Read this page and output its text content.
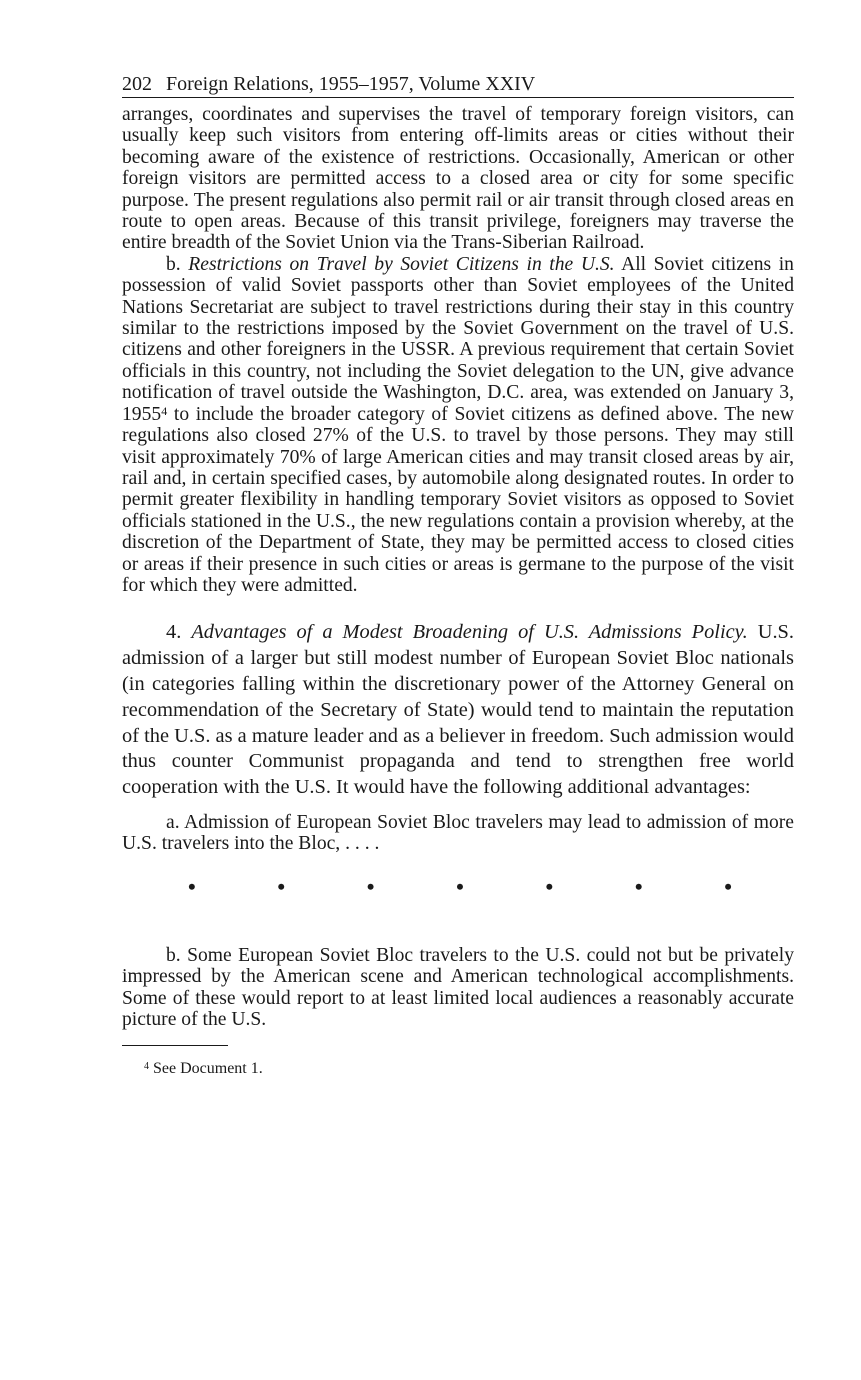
202 Foreign Relations, 1955–1957, Volume XXIV

arranges, coordinates and supervises the travel of temporary foreign visitors, can usually keep such visitors from entering off-limits areas or cities without their becoming aware of the existence of restrictions. Occasionally, American or other foreign visitors are permitted access to a closed area or city for some specific purpose. The present regulations also permit rail or air transit through closed areas en route to open areas. Because of this transit privilege, foreigners may traverse the entire breadth of the Soviet Union via the Trans-Siberian Railroad.

b. Restrictions on Travel by Soviet Citizens in the U.S. All Soviet citizens in possession of valid Soviet passports other than Soviet employees of the United Nations Secretariat are subject to travel restrictions during their stay in this country similar to the restrictions imposed by the Soviet Government on the travel of U.S. citizens and other foreigners in the USSR. A previous requirement that certain Soviet officials in this country, not including the Soviet delegation to the UN, give advance notification of travel outside the Washington, D.C. area, was extended on January 3, 1955$^4$ to include the broader category of Soviet citizens as defined above. The new regulations also closed 27% of the U.S. to travel by those persons. They may still visit approximately 70% of large American cities and may transit closed areas by air, rail and, in certain specified cases, by automobile along designated routes. In order to permit greater flexibility in handling temporary Soviet visitors as opposed to Soviet officials stationed in the U.S., the new regulations contain a provision whereby, at the discretion of the Department of State, they may be permitted access to closed cities or areas if their presence in such cities or areas is germane to the purpose of the visit for which they were admitted.

4. Advantages of a Modest Broadening of U.S. Admissions Policy. U.S. admission of a larger but still modest number of European Soviet Bloc nationals (in categories falling within the discretionary power of the Attorney General on recommendation of the Secretary of State) would tend to maintain the reputation of the U.S. as a mature leader and as a believer in freedom. Such admission would thus counter Communist propaganda and tend to strengthen free world cooperation with the U.S. It would have the following additional advantages:

a. Admission of European Soviet Bloc travelers may lead to admission of more U.S. travelers into the Bloc, . . . .

•	•	•	•	•	•	•

b. Some European Soviet Bloc travelers to the U.S. could not but be privately impressed by the American scene and American technological accomplishments. Some of these would report to at least limited local audiences a reasonably accurate picture of the U.S.

$^4$ See Document 1.
